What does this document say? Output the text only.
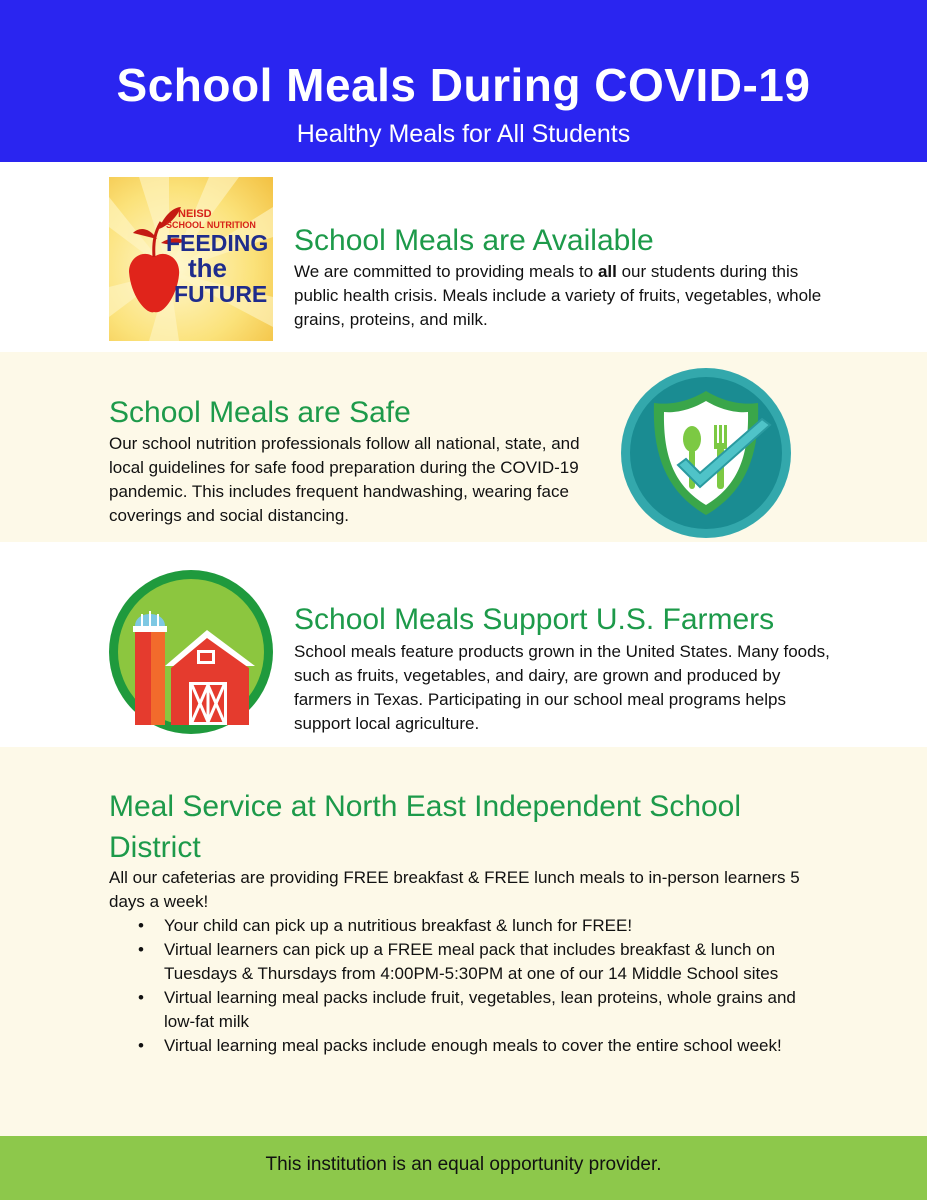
School Meals During COVID-19
Healthy Meals for All Students
NEISD
SCHOOL NUTRITION
FEEDING
the
FUTURE
School Meals are Available
We are committed to providing meals to all our students during this public health crisis. Meals include a variety of fruits, vegetables, whole grains, proteins, and milk.
School Meals are Safe
Our school nutrition professionals follow all national, state, and local guidelines for safe food preparation during the COVID-19 pandemic. This includes frequent handwashing, wearing face coverings and social distancing.
School Meals Support U.S. Farmers
School meals feature products grown in the United States. Many foods, such as fruits, vegetables, and dairy, are grown and produced by farmers in Texas. Participating in our school meal programs helps support local agriculture.
Meal Service at North East Independent School District
All our cafeterias are providing FREE breakfast & FREE lunch meals to in-person learners 5 days a week!
• Your child can pick up a nutritious breakfast & lunch for FREE!
• Virtual learners can pick up a FREE meal pack that includes breakfast & lunch on Tuesdays & Thursdays from 4:00PM-5:30PM at one of our 14 Middle School sites
• Virtual learning meal packs include fruit, vegetables, lean proteins, whole grains and low-fat milk
• Virtual learning meal packs include enough meals to cover the entire school week!
This institution is an equal opportunity provider.
